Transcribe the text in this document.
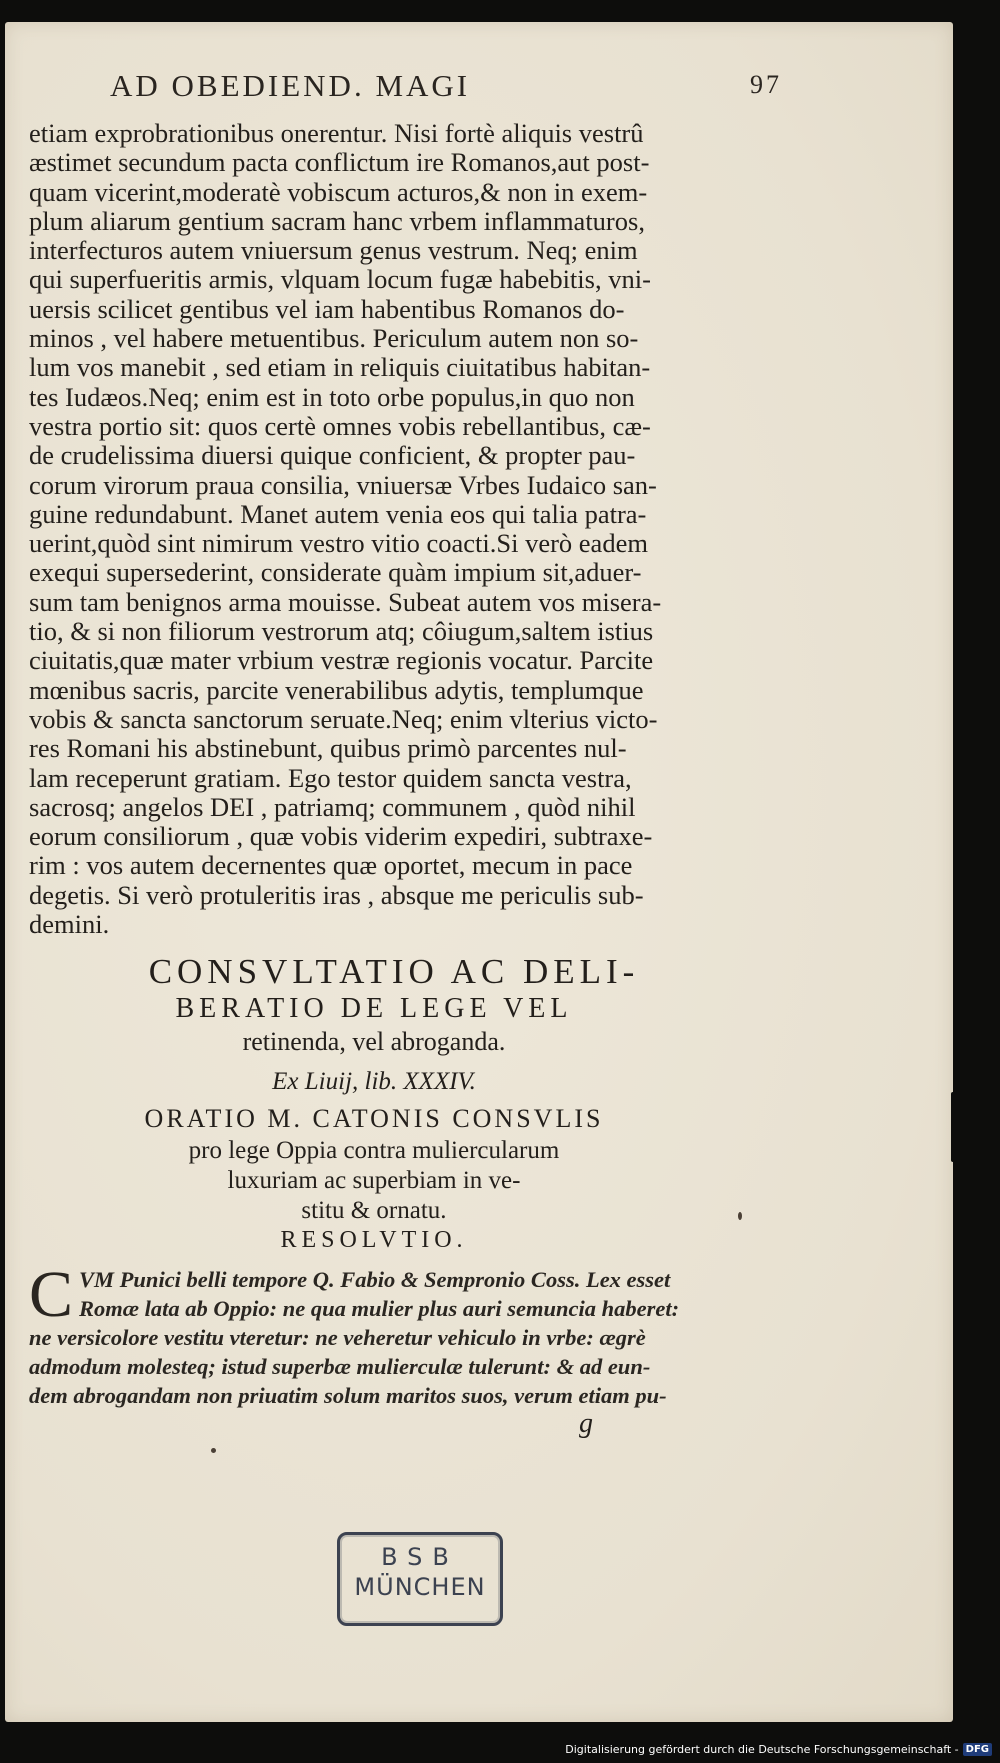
AD OBEDIEND. MAGI	97
etiam exprobrationibus onerentur. Nisi fortè aliquis vestrû
æstimet secundum pacta conflictum ire Romanos,aut post-
quam vicerint,moderatè vobiscum acturos,& non in exem-
plum aliarum gentium sacram hanc vrbem inflammaturos,
interfecturos autem vniuersum genus vestrum. Neq; enim
qui superfueritis armis, vlquam locum fugæ habebitis, vni-
uersis scilicet gentibus vel iam habentibus Romanos do-
minos , vel habere metuentibus. Periculum autem non so-
lum vos manebit , sed etiam in reliquis ciuitatibus habitan-
tes Iudæos.Neq; enim est in toto orbe populus,in quo non
vestra portio sit: quos certè omnes vobis rebellantibus, cæ-
de crudelissima diuersi quique conficient, & propter pau-
corum virorum praua consilia, vniuersæ Vrbes Iudaico san-
guine redundabunt. Manet autem venia eos qui talia patra-
uerint,quòd sint nimirum vestro vitio coacti.Si verò eadem
exequi supersederint, considerate quàm impium sit,aduer-
sum tam benignos arma mouisse. Subeat autem vos misera-
tio, & si non filiorum vestrorum atq; côiugum,saltem istius
ciuitatis,quæ mater vrbium vestræ regionis vocatur. Parcite
mœnibus sacris, parcite venerabilibus adytis, templumque
vobis & sancta sanctorum seruate.Neq; enim vlterius victo-
res Romani his abstinebunt, quibus primò parcentes nul-
lam receperunt gratiam. Ego testor quidem sancta vestra,
sacrosq; angelos DEI , patriamq; communem , quòd nihil
eorum consiliorum , quæ vobis viderim expediri, subtraxe-
rim : vos autem decernentes quæ oportet, mecum in pace
degetis. Si verò protuleritis iras , absque me periculis sub-
demini.
CONSVLTATIO AC DELI-
BERATIO DE LEGE VEL
retinenda, vel abroganda.
Ex Liuij, lib. XXXIV.
ORATIO M. CATONIS CONSVLIS
pro lege Oppia contra muliercularum
luxuriam ac superbiam in ve-
stitu & ornatu.
RESOLVTIO.
C VM Punici belli tempore Q. Fabio & Sempronio Coss. Lex esset
Romæ lata ab Oppio: ne qua mulier plus auri semuncia haberet:
ne versicolore vestitu vteretur: ne veheretur vehiculo in vrbe: ægrè
admodum molesteq; istud superbæ mulierculæ tulerunt: & ad eun-
dem abrogandam non priuatim solum maritos suos, verum etiam pu-
g
BSB
MÜNCHEN
Digitalisierung gefördert durch die Deutsche Forschungsgemeinschaft - DFG
